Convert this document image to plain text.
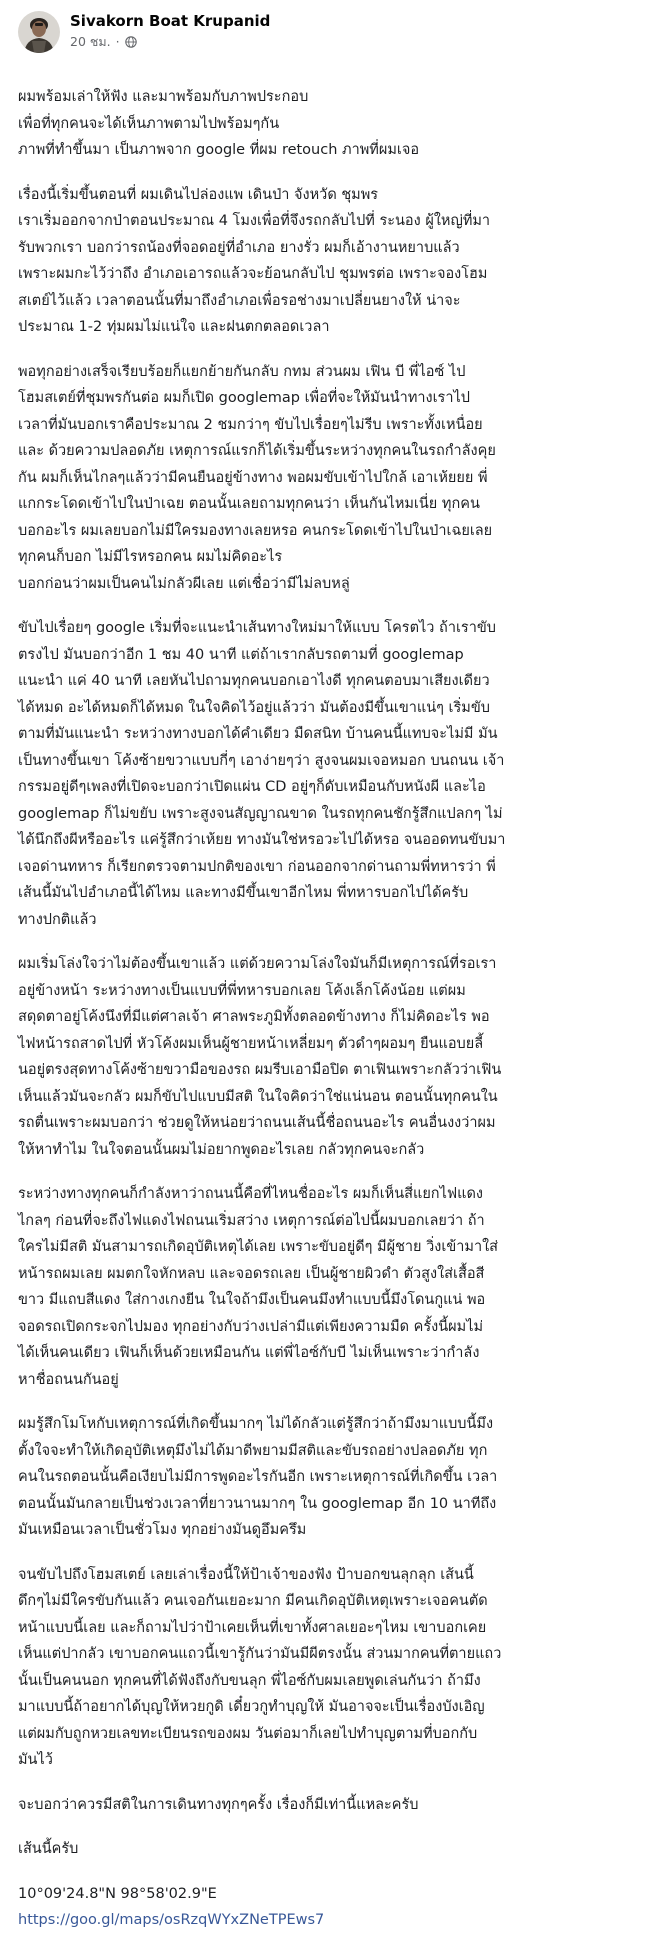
Sivakorn Boat Krupanid
20 ชม. ·
ผมพร้อมเล่าให้ฟัง และมาพร้อมกับภาพประกอบ
เพื่อที่ทุกคนจะได้เห็นภาพตามไปพร้อมๆกัน
ภาพที่ทำขึ้นมา เป็นภาพจาก google ที่ผม retouch ภาพที่ผมเจอ
เรื่องนี้เริ่มขึ้นตอนที่ ผมเดินไปล่องแพ เดินป่า จังหวัด ชุมพร
เราเริ่มออกจากป่าตอนประมาณ 4 โมงเพื่อที่จึงรถกลับไปที่ ระนอง ผู้ใหญ่ที่มา
รับพวกเรา บอกว่ารถน้องที่จอดอยู่ที่อำเภอ ยางรั่ว ผมก็เอ้างานหยาบแล้ว
เพราะผมกะไว้ว่าถึง อำเภอเอารถแล้วจะย้อนกลับไป ชุมพรต่อ เพราะจองโฮม
สเตย์ไว้แล้ว เวลาตอนนั้นที่มาถึงอำเภอเพื่อรอช่างมาเปลี่ยนยางให้ น่าจะ
ประมาณ 1-2 ทุ่มผมไม่แน่ใจ และฝนตกตลอดเวลา
พอทุกอย่างเสร็จเรียบร้อยก็แยกย้ายกันกลับ กทม ส่วนผม เฟิน บี พี่ไอซ์ ไป
โฮมสเตย์ที่ชุมพรกันต่อ ผมก็เปิด googlemap เพื่อที่จะให้มันนำทางเราไป
เวลาที่มันบอกเราคือประมาณ 2 ชมกว่าๆ ขับไปเรื่อยๆไม่รีบ เพราะทั้งเหนื่อย
และ ด้วยความปลอดภัย เหตุการณ์แรกก็ได้เริ่มขึ้นระหว่างทุกคนในรถกำลังคุย
กัน ผมก็เห็นไกลๆแล้วว่ามีคนยืนอยู่ข้างทาง พอผมขับเข้าไปใกล้ เอาเห้ยยย พี่
แกกระโดดเข้าไปในป่าเฉย ตอนนั้นเลยถามทุกคนว่า เห็นกันไหมเนี่ย ทุกคน
บอกอะไร ผมเลยบอกไม่มีใครมองทางเลยหรอ คนกระโดดเข้าไปในป่าเฉยเลย
ทุกคนก็บอก ไม่มีไรหรอกคน ผมไม่คิดอะไร
บอกก่อนว่าผมเป็นคนไม่กลัวผีเลย แต่เชื่อว่ามีไม่ลบหลู่
ขับไปเรื่อยๆ google เริ่มที่จะแนะนำเส้นทางใหม่มาให้แบบ โครตไว ถ้าเราขับ
ตรงไป มันบอกว่าอีก 1 ชม 40 นาที แต่ถ้าเรากลับรถตามที่ googlemap
แนะนำ แค่ 40 นาที เลยหันไปถามทุกคนบอกเอาไงดี ทุกคนตอบมาเสียงเดียว
ได้หมด อะได้หมดก็ได้หมด ในใจคิดไว้อยู่แล้วว่า มันต้องมีขึ้นเขาแน่ๆ เริ่มขับ
ตามที่มันแนะนำ ระหว่างทางบอกได้คำเดียว มืดสนิท บ้านคนนี้แทบจะไม่มี มัน
เป็นทางขึ้นเขา โค้งซ้ายขวาแบบกี่ๆ เอาง่ายๆว่า สูงจนผมเจอหมอก บนถนน เจ้า
กรรมอยู่ดีๆเพลงที่เปิดจะบอกว่าเปิดแผ่น CD อยู่ๆก็ดับเหมือนกับหนังผี และไอ
googlemap ก็ไม่ขยับ เพราะสูงจนสัญญาณขาด ในรถทุกคนชักรู้สึกแปลกๆ ไม่
ได้นึกถึงผีหรืออะไร แค่รู้สึกว่าเห้ยย ทางมันใช่หรอวะไปได้หรอ จนออดทนขับมา
เจอด่านทหาร ก็เรียกตรวจตามปกติของเขา ก่อนออกจากด่านถามพี่ทหารว่า พี่
เส้นนี้มันไปอำเภอนี้ได้ไหม และทางมีขึ้นเขาอีกไหม พี่ทหารบอกไปได้ครับ
ทางปกติแล้ว
ผมเริ่มโล่งใจว่าไม่ต้องขึ้นเขาแล้ว แต่ด้วยความโล่งใจมันก็มีเหตุการณ์ที่รอเรา
อยู่ข้างหน้า ระหว่างทางเป็นแบบที่พี่ทหารบอกเลย โค้งเล็กโค้งน้อย แต่ผม
สดุดตาอยู่โค้งนึงที่มีแต่ศาลเจ้า ศาลพระภูมิทั้งตลอดข้างทาง ก็ไม่คิดอะไร พอ
ไฟหน้ารถสาดไปที่ หัวโค้งผมเห็นผู้ชายหน้าเหลี่ยมๆ ตัวดำๆผอมๆ ยืนแอบยลี้
นอยู่ตรงสุดทางโค้งซ้ายขวามือของรถ ผมรีบเอามือปิด ตาเฟินเพราะกลัวว่าเฟิน
เห็นแล้วมันจะกลัว ผมก็ขับไปแบบมีสติ ในใจคิดว่าใช่แน่นอน ตอนนั้นทุกคนใน
รถตื่นเพราะผมบอกว่า ช่วยดูให้หน่อยว่าถนนเส้นนี้ชื่อถนนอะไร คนอื่นงงว่าผม
ให้หาทำไม ในใจตอนนั้นผมไม่อยากพูดอะไรเลย กลัวทุกคนจะกลัว
ระหว่างทางทุกคนก็กำลังหาว่าถนนนี้คือที่ไหนชื่ออะไร ผมก็เห็นสี่แยกไฟแดง
ไกลๆ ก่อนที่จะถึงไฟแดงไฟถนนเริ่มสว่าง เหตุการณ์ต่อไปนี้ผมบอกเลยว่า ถ้า
ใครไม่มีสติ มันสามารถเกิดอุบัติเหตุได้เลย เพราะขับอยู่ดีๆ มีผู้ชาย วิ่งเข้ามาใส่
หน้ารถผมเลย ผมตกใจหักหลบ และจอดรถเลย เป็นผู้ชายผิวดำ ตัวสูงใส่เสื้อสี
ขาว มีแถบสีแดง ใส่กางเกงยีน ในใจถ้ามึงเป็นคนมึงทำแบบนี้มึงโดนกูแน่ พอ
จอดรถเปิดกระจกไปมอง ทุกอย่างกับว่างเปล่ามีแต่เพียงความมืด ครั้งนี้ผมไม่
ได้เห็นคนเดียว เฟินก็เห็นด้วยเหมือนกัน แต่พี่ไอซ์กับบี ไม่เห็นเพราะว่ากำลัง
หาชื่อถนนกันอยู่
ผมรู้สึกโมโหกับเหตุการณ์ที่เกิดขึ้นมากๆ ไม่ได้กลัวแต่รู้สึกว่าถ้ามึงมาแบบนี้มึง
ตั้งใจจะทำให้เกิดอุบัติเหตุมึงไม่ได้มาดีพยามมีสติและขับรถอย่างปลอดภัย ทุก
คนในรถตอนนั้นคือเงียบไม่มีการพูดอะไรกันอีก เพราะเหตุการณ์ที่เกิดขึ้น เวลา
ตอนนั้นมันกลายเป็นช่วงเวลาที่ยาวนานมากๆ ใน googlemap อีก 10 นาทีถึง
มันเหมือนเวลาเป็นชั่วโมง ทุกอย่างมันดูอึมครึม
จนขับไปถึงโฮมสเตย์ เลยเล่าเรื่องนี้ให้ป้าเจ้าของฟัง ป้าบอกขนลุกลุก เส้นนี้
ดึกๆไม่มีใครขับกันแล้ว คนเจอกันเยอะมาก มีคนเกิดอุบัติเหตุเพราะเจอคนตัด
หน้าแบบนี้เลย และก็ถามไปว่าป้าเคยเห็นที่เขาทั้งศาลเยอะๆไหม เขาบอกเคย
เห็นแต่ปากลัว เขาบอกคนแถวนี้เขารู้กันว่ามันมีผีตรงนั้น ส่วนมากคนที่ตายแถว
นั้นเป็นคนนอก ทุกคนที่ได้ฟังถึงกับขนลุก พี่ไอซ์กับผมเลยพูดเล่นกันว่า ถ้ามึง
มาแบบนี้ถ้าอยากได้บุญให้หวยกูดิ เดี๋ยวกูทำบุญให้ มันอาจจะเป็นเรื่องบังเอิญ
แต่ผมกับถูกหวยเลขทะเบียนรถของผม วันต่อมาก็เลยไปทำบุญตามที่บอกกับ
มันไว้
จะบอกว่าควรมีสติในการเดินทางทุกๆครั้ง เรื่องก็มีเท่านี้แหละครับ
เส้นนี้ครับ
10°09'24.8"N 98°58'02.9"E
https://goo.gl/maps/osRzqWYxZNeTPEws7
